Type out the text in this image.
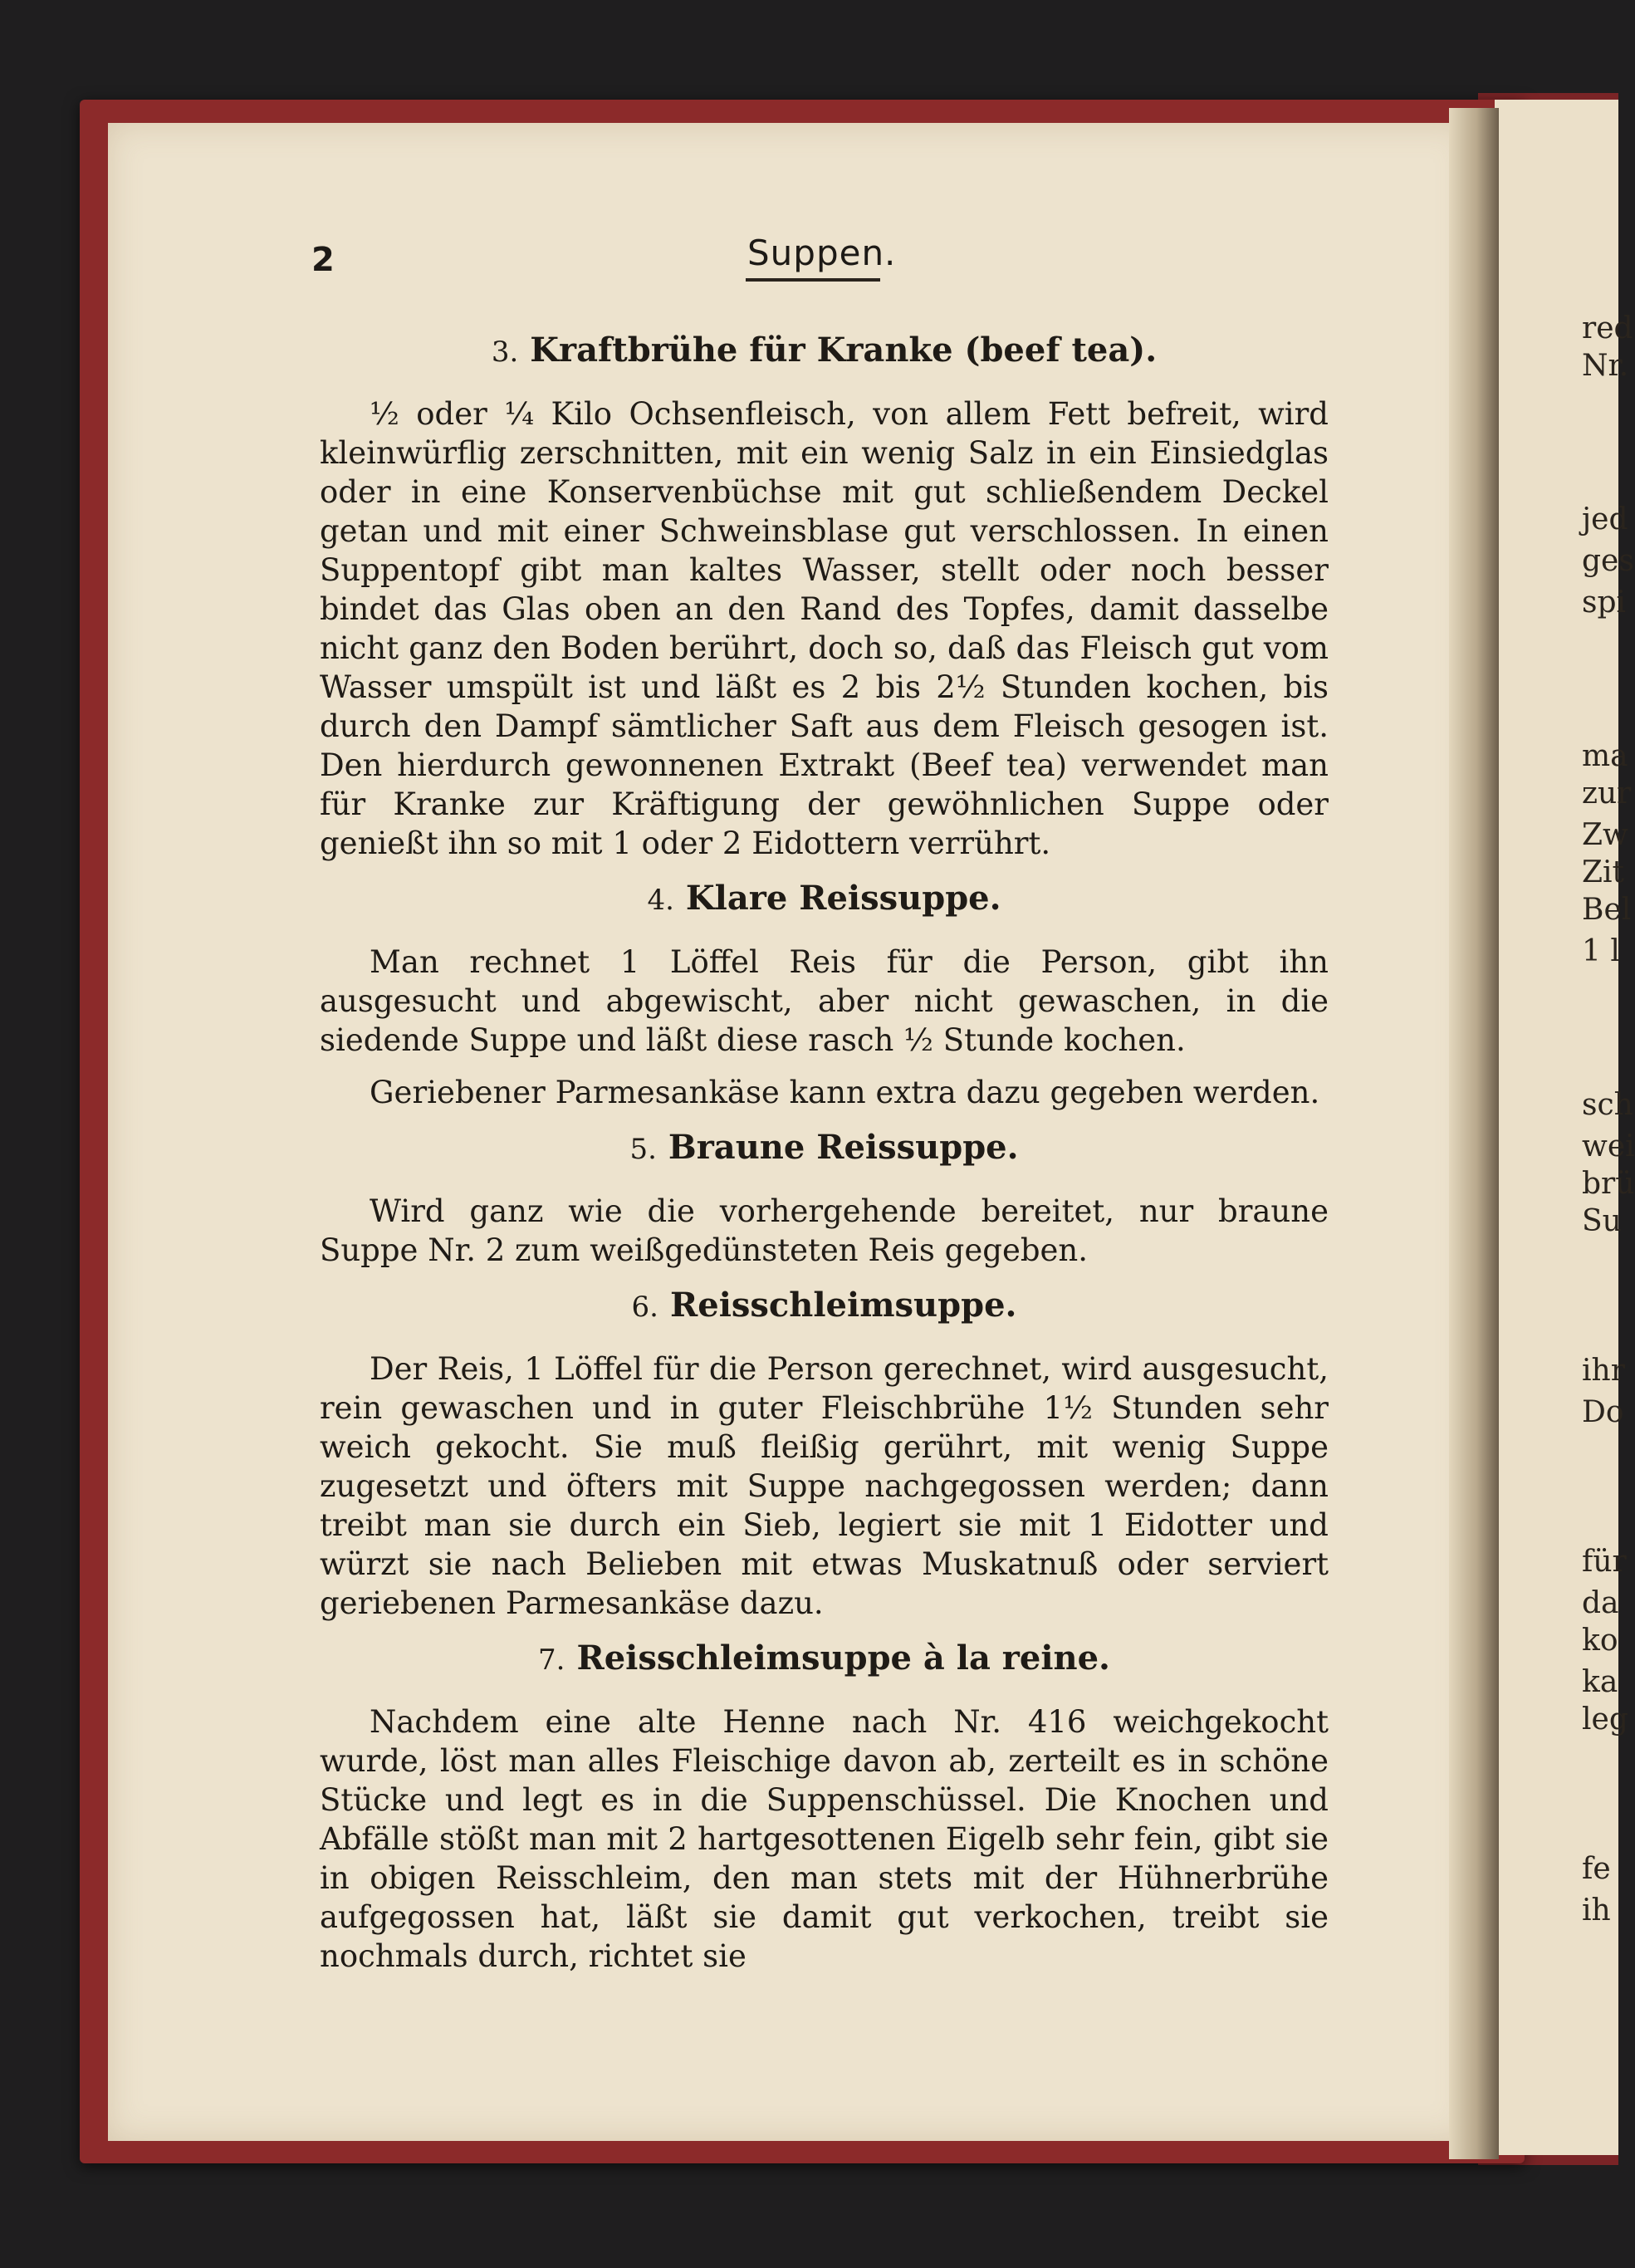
2	Suppen.
3. Kraftbrühe für Kranke (beef tea).

½ oder ¼ Kilo Ochsenfleisch, von allem Fett befreit, wird kleinwürflig zerschnitten, mit ein wenig Salz in ein Einsiedglas oder in eine Konservenbüchse mit gut schließendem Deckel getan und mit einer Schweinsblase gut verschlossen. In einen Suppentopf gibt man kaltes Wasser, stellt oder noch besser bindet das Glas oben an den Rand des Topfes, damit dasselbe nicht ganz den Boden berührt, doch so, daß das Fleisch gut vom Wasser umspült ist und läßt es 2 bis 2½ Stunden kochen, bis durch den Dampf sämtlicher Saft aus dem Fleisch gesogen ist. Den hierdurch gewonnenen Extrakt (Beef tea) verwendet man für Kranke zur Kräftigung der gewöhnlichen Suppe oder genießt ihn so mit 1 oder 2 Eidottern verrührt.

4. Klare Reissuppe.

Man rechnet 1 Löffel Reis für die Person, gibt ihn ausgesucht und abgewischt, aber nicht gewaschen, in die siedende Suppe und läßt diese rasch ½ Stunde kochen.

Geriebener Parmesankäse kann extra dazu gegeben werden.

5. Braune Reissuppe.

Wird ganz wie die vorhergehende bereitet, nur braune Suppe Nr. 2 zum weißgedünsteten Reis gegeben.

6. Reisschleimsuppe.

Der Reis, 1 Löffel für die Person gerechnet, wird ausgesucht, rein gewaschen und in guter Fleischbrühe 1½ Stunden sehr weich gekocht. Sie muß fleißig gerührt, mit wenig Suppe zugesetzt und öfters mit Suppe nachgegossen werden; dann treibt man sie durch ein Sieb, legiert sie mit 1 Eidotter und würzt sie nach Belieben mit etwas Muskatnuß oder serviert geriebenen Parmesankäse dazu.

7. Reisschleimsuppe à la reine.

Nachdem eine alte Henne nach Nr. 416 weichgekocht wurde, löst man alles Fleischige davon ab, zerteilt es in schöne Stücke und legt es in die Suppenschüssel. Die Knochen und Abfälle stößt man mit 2 hartgesottenen Eigelb sehr fein, gibt sie in obigen Reisschleim, den man stets mit der Hühnerbrühe aufgegossen hat, läßt sie damit gut verkochen, treibt sie nochmals durch, richtet sie

red
Nr.
jed
ges
spi
ma
zur
Zw
Zit
Bel
1 l
sch
wei
brü
Su
ihr
Do
für
da
ko
ka
leg
fe
ih
